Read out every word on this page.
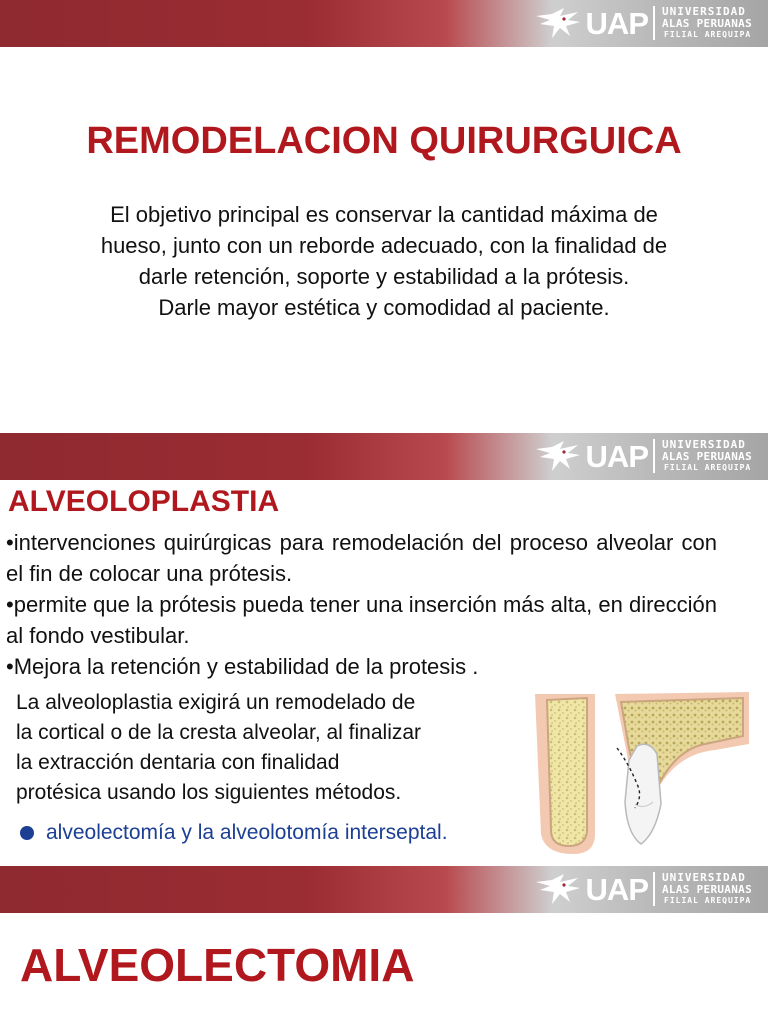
UAP UNIVERSIDAD
ALAS PERUANAS
FILIAL AREQUIPA
REMODELACION QUIRURGUICA

El objetivo principal es conservar la cantidad máxima de
hueso, junto con un reborde adecuado, con la finalidad de
darle retención, soporte y estabilidad a la prótesis.
Darle mayor estética y comodidad al paciente.

UAP UNIVERSIDAD
ALAS PERUANAS
FILIAL AREQUIPA
ALVEOLOPLASTIA
•intervenciones quirúrgicas para remodelación del proceso alveolar con el fin de colocar una prótesis.
•permite que la prótesis pueda tener una inserción más alta, en dirección al fondo vestibular.
•Mejora la retención y estabilidad de la protesis .

La alveoloplastia exigirá un remodelado de
la cortical o de la cresta alveolar, al finalizar
la extracción dentaria con finalidad
protésica usando los siguientes métodos.

alveolectomía y la alveolotomía interseptal.
UAP UNIVERSIDAD
ALAS PERUANAS
FILIAL AREQUIPA
ALVEOLECTOMIA
